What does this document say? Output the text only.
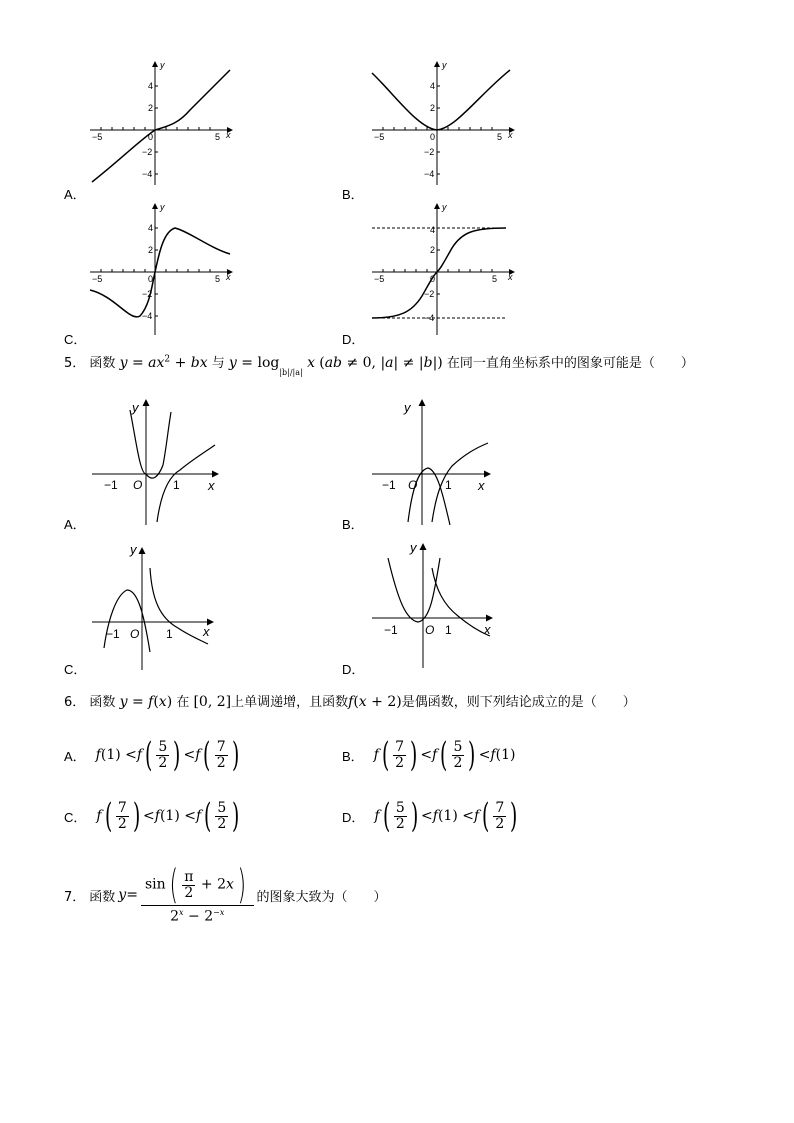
y
x
−5	0	5
4
2
−2
−4
y
x
−5	0	5
4
2
−2
−4
y
x
−5	0	5
4
2
−2
−4
y
x
−5	0	5
4
2
−2
−4
A．	B．
C．	D．
5． 函数 $y = ax^2$ + bx 与 $y = \log_{|b|/|a|} x$ (ab ≠ 0, |a| ≠ |b|) 在同一直角坐标系中的图象可能是（　　）
y
x
−1 O	1
y
x
−1 O 1
y
x
−1 O 1
y
x
−1 O 1
A．	B．
C．	D．
6． 函数 y = f(x) 在 [0, 2]上单调递增，且函数f(x + 2)是偶函数，则下列结论成立的是（　　）
A． f (1) < f ( $\frac{5}{2}$ ) < f ( $\frac{7}{2}$ )	B． f ( $\frac{7}{2}$ ) < f ( $\frac{5}{2}$ ) < f (1)
C． f ( $\frac{7}{2}$ ) < f (1) < f ( $\frac{5}{2}$ )	D． f ( $\frac{5}{2}$ ) < f (1) < f ( $\frac{7}{2}$ )
7． 函数 $y = \frac{\sin( \frac{\pi}{2} + 2x)}{2^x - 2^{-x}}$ 的图象大致为（　　）
